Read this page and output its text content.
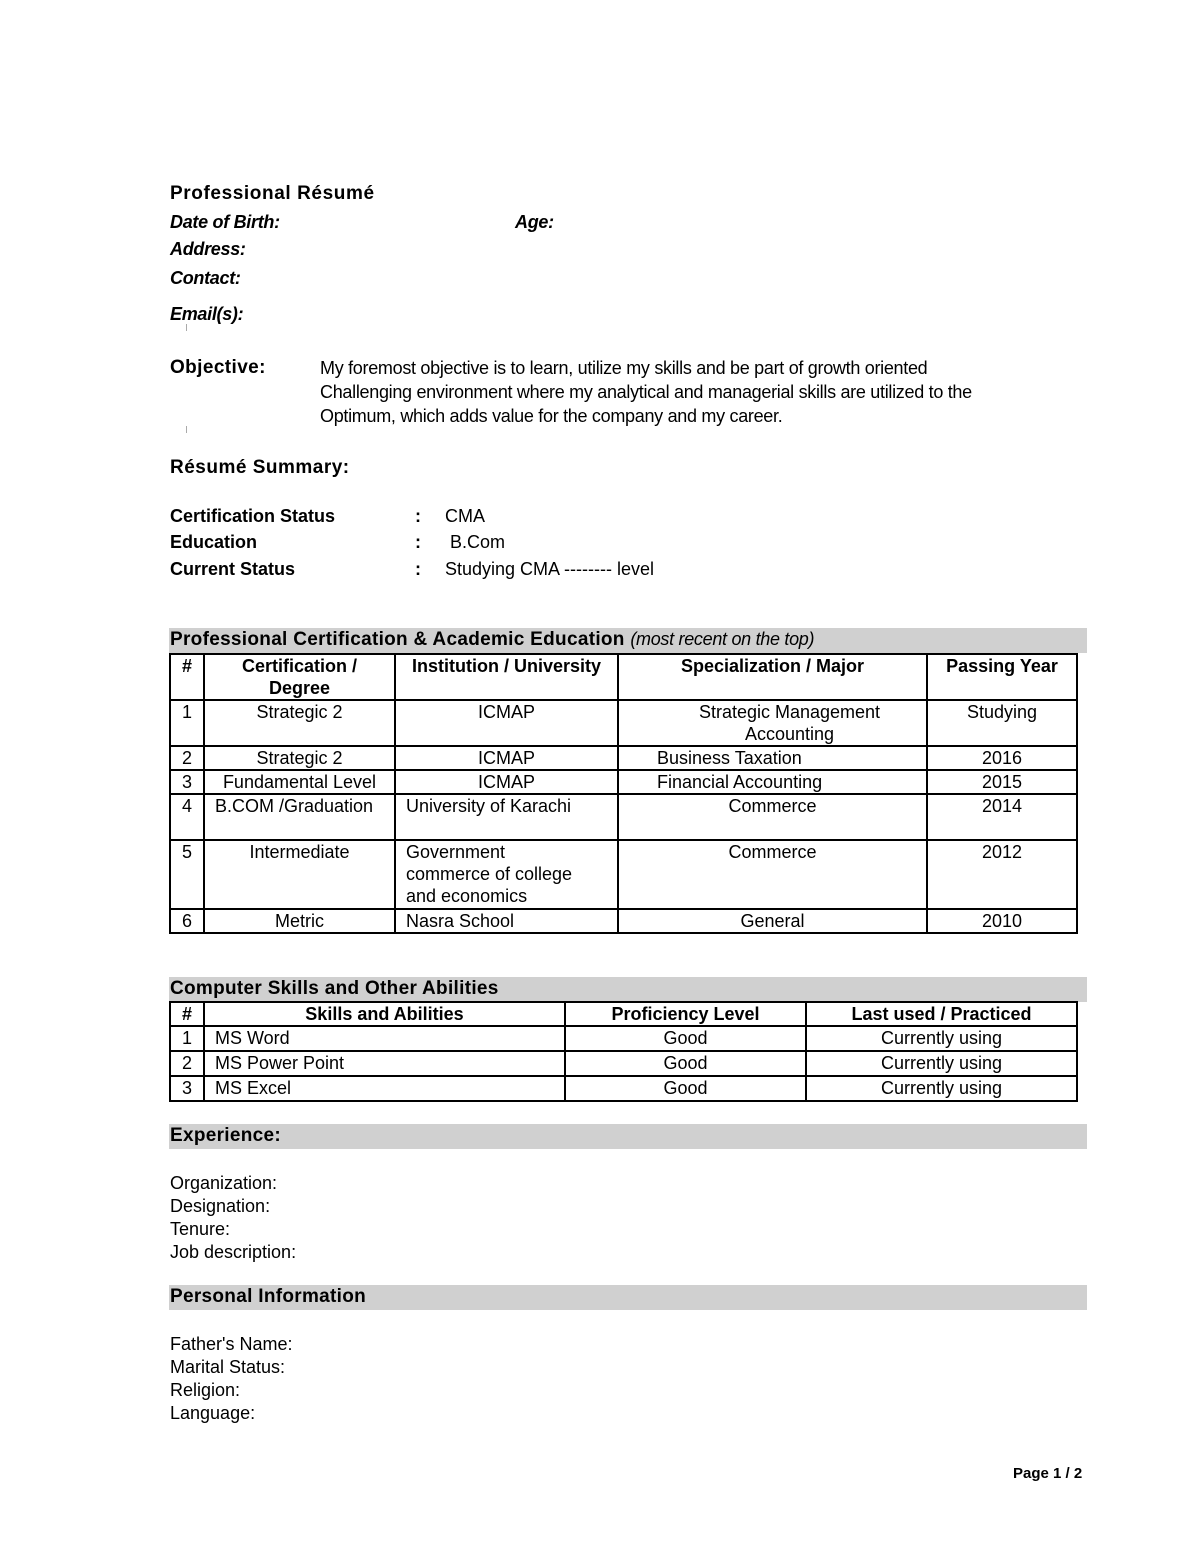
Professional Résumé
Date of Birth:	Age:
Address:
Contact:
Email(s):
Objective:	My foremost objective is to learn, utilize my skills and be part of growth oriented
Challenging environment where my analytical and managerial skills are utilized to the
Optimum, which adds value for the company and my career.
Résumé Summary:
Certification Status	: CMA
Education	: B.Com
Current Status	: Studying CMA -------- level
Professional Certification & Academic Education (most recent on the top)
#	Certification / Degree	Institution / University	Specialization / Major	Passing Year
1	Strategic 2	ICMAP	Strategic Management Accounting	Studying
2	Strategic 2	ICMAP	Business Taxation	2016
3	Fundamental Level	ICMAP	Financial Accounting	2015
4	B.COM /Graduation	University of Karachi	Commerce	2014
5	Intermediate	Government commerce of college and economics	Commerce	2012
6	Metric	Nasra School	General	2010
Computer Skills and Other Abilities
#	Skills and Abilities	Proficiency Level	Last used / Practiced
1	MS Word	Good	Currently using
2	MS Power Point	Good	Currently using
3	MS Excel	Good	Currently using
Experience:
Organization:
Designation:
Tenure:
Job description:
Personal Information
Father's Name:
Marital Status:
Religion:
Language:
Page 1 / 2
